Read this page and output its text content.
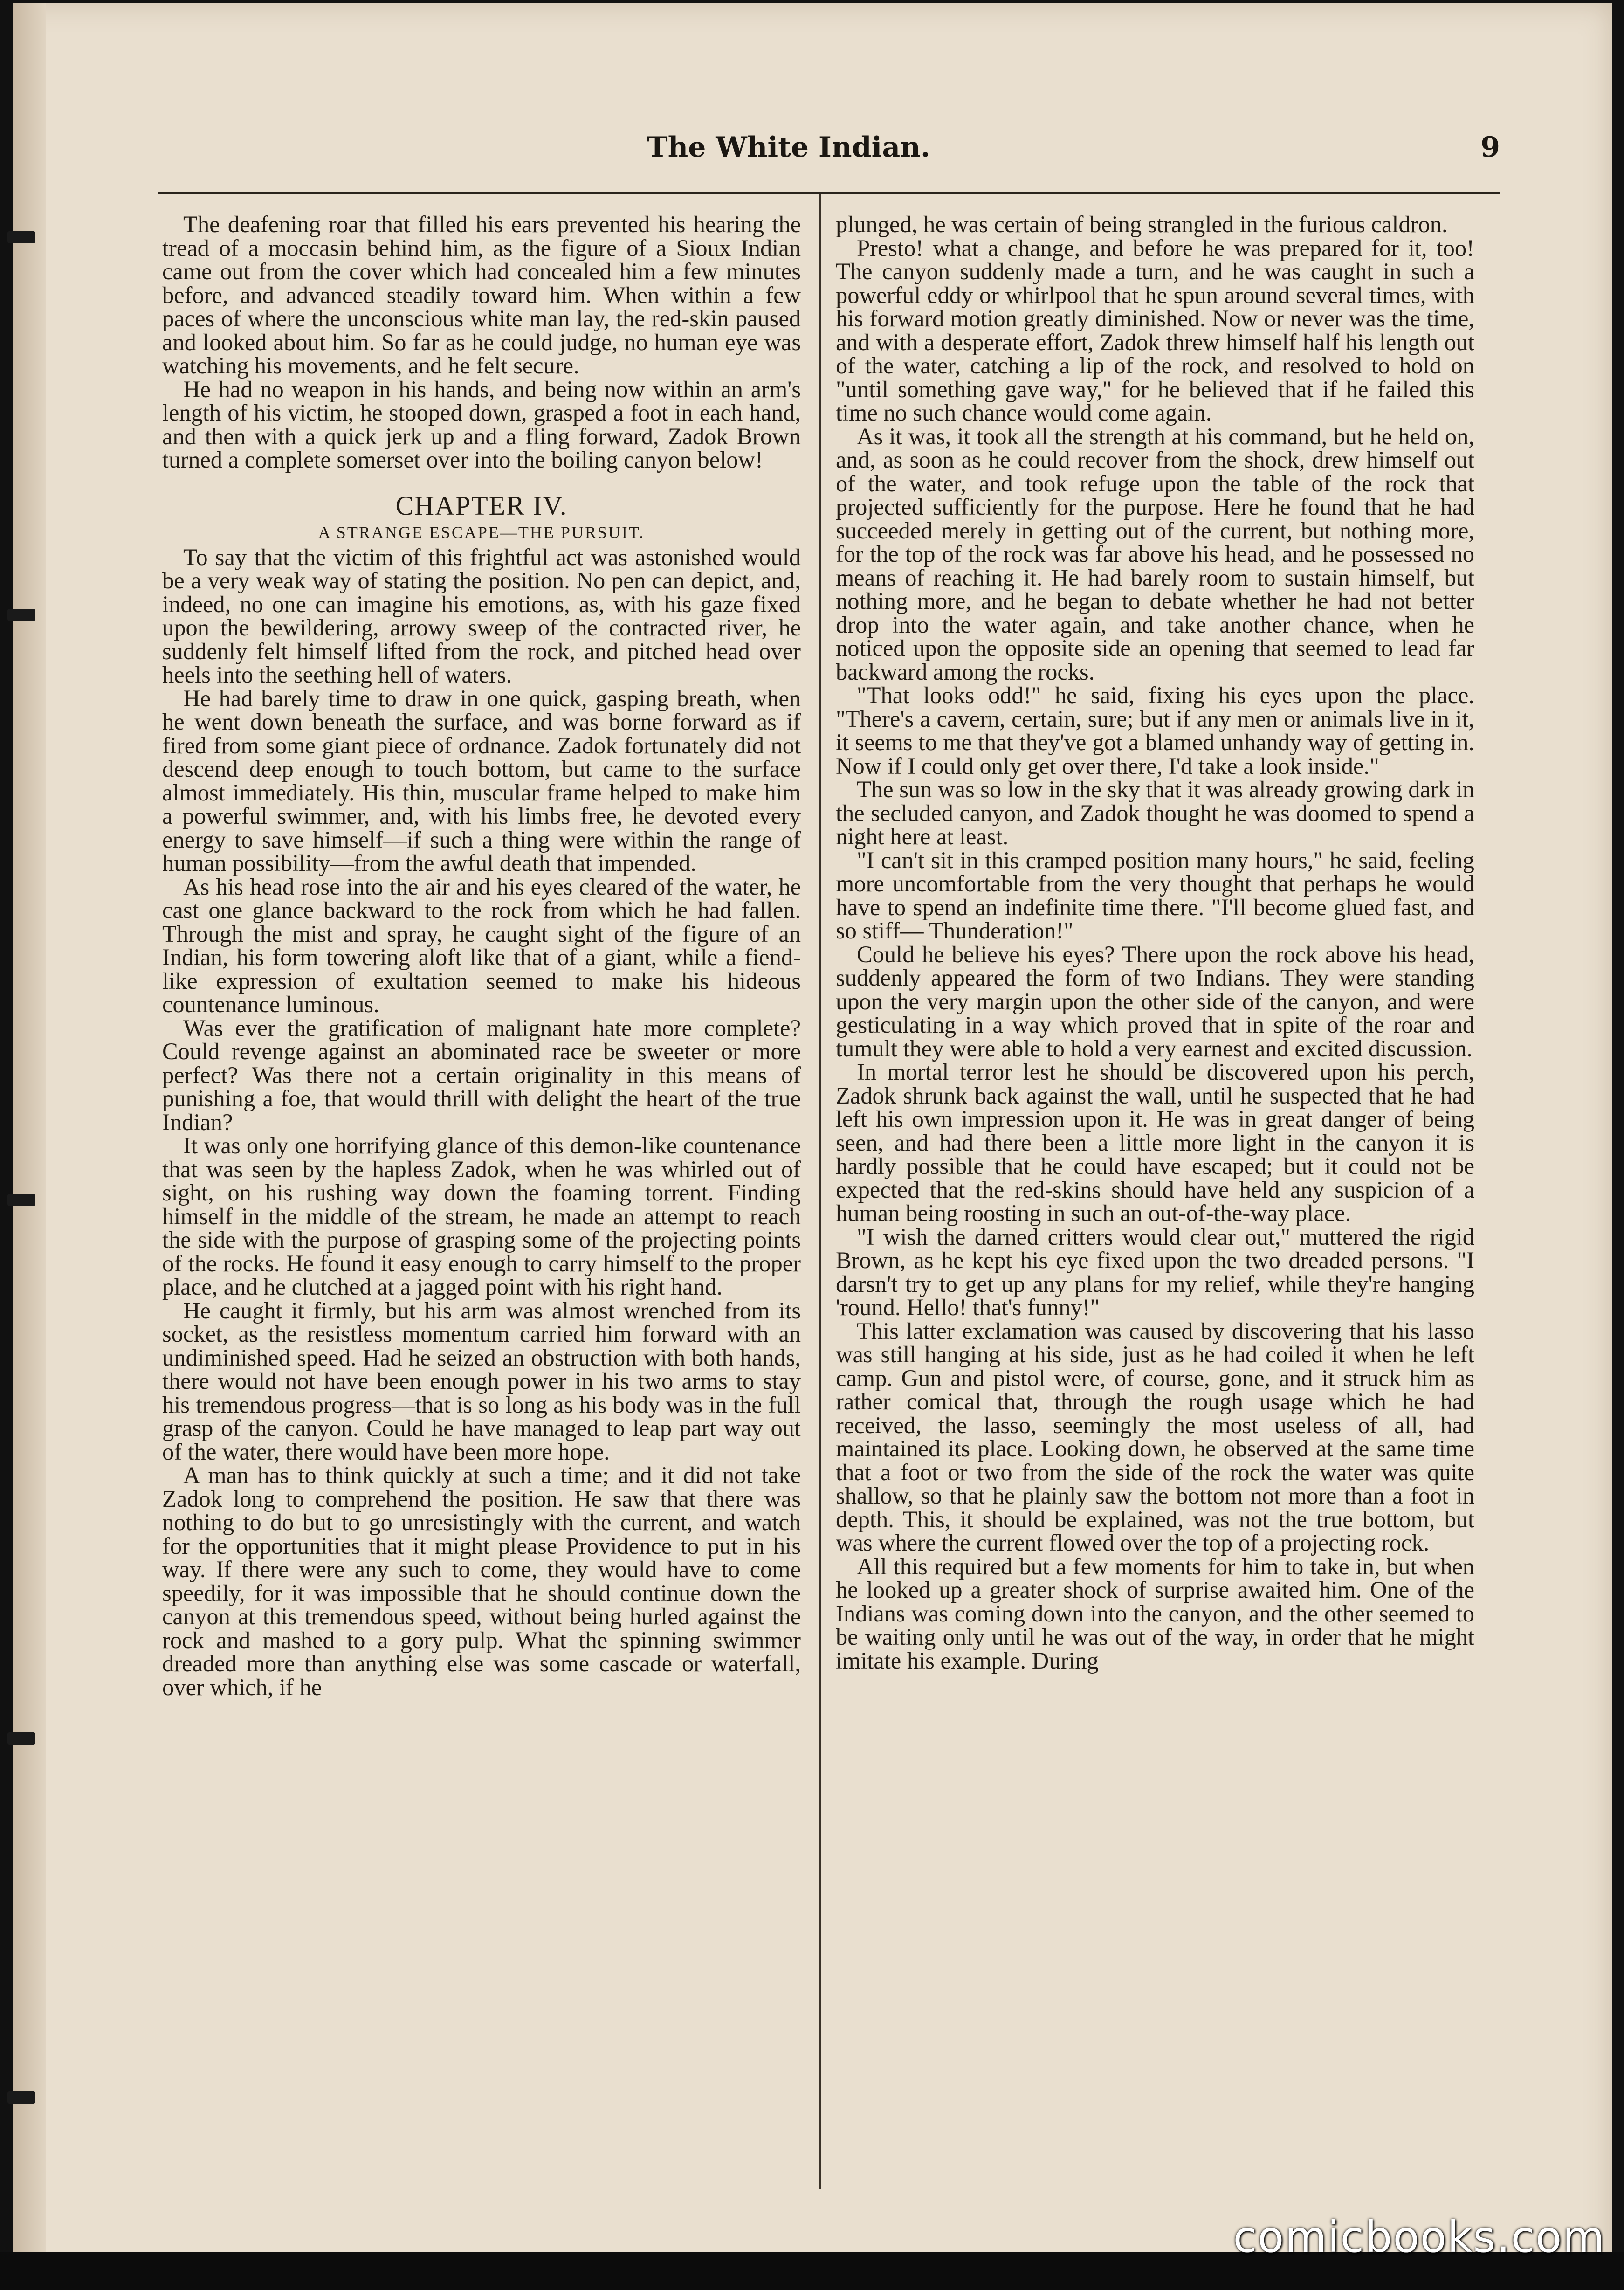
The White Indian.	9

The deafening roar that filled his ears prevented his hearing the tread of a moccasin behind him, as the figure of a Sioux Indian came out from the cover which had concealed him a few minutes before, and advanced steadily toward him. When within a few paces of where the unconscious white man lay, the red-skin paused and looked about him. So far as he could judge, no human eye was watching his movements, and he felt secure.

He had no weapon in his hands, and being now within an arm's length of his victim, he stooped down, grasped a foot in each hand, and then with a quick jerk up and a fling forward, Zadok Brown turned a complete somerset over into the boiling canyon below!

CHAPTER IV.
A STRANGE ESCAPE—THE PURSUIT.

To say that the victim of this frightful act was astonished would be a very weak way of stating the position. No pen can depict, and, indeed, no one can imagine his emotions, as, with his gaze fixed upon the bewildering, arrowy sweep of the contracted river, he suddenly felt himself lifted from the rock, and pitched head over heels into the seething hell of waters.

He had barely time to draw in one quick, gasping breath, when he went down beneath the surface, and was borne forward as if fired from some giant piece of ordnance. Zadok fortunately did not descend deep enough to touch bottom, but came to the surface almost immediately. His thin, muscular frame helped to make him a powerful swimmer, and, with his limbs free, he devoted every energy to save himself—if such a thing were within the range of human possibility—from the awful death that impended.

As his head rose into the air and his eyes cleared of the water, he cast one glance backward to the rock from which he had fallen. Through the mist and spray, he caught sight of the figure of an Indian, his form towering aloft like that of a giant, while a fiend-like expression of exultation seemed to make his hideous countenance luminous.

Was ever the gratification of malignant hate more complete? Could revenge against an abominated race be sweeter or more perfect? Was there not a certain originality in this means of punishing a foe, that would thrill with delight the heart of the true Indian?

It was only one horrifying glance of this demon-like countenance that was seen by the hapless Zadok, when he was whirled out of sight, on his rushing way down the foaming torrent. Finding himself in the middle of the stream, he made an attempt to reach the side with the purpose of grasping some of the projecting points of the rocks. He found it easy enough to carry himself to the proper place, and he clutched at a jagged point with his right hand.

He caught it firmly, but his arm was almost wrenched from its socket, as the resistless momentum carried him forward with an undiminished speed. Had he seized an obstruction with both hands, there would not have been enough power in his two arms to stay his tremendous progress—that is so long as his body was in the full grasp of the canyon. Could he have managed to leap part way out of the water, there would have been more hope.

A man has to think quickly at such a time; and it did not take Zadok long to comprehend the position. He saw that there was nothing to do but to go unresistingly with the current, and watch for the opportunities that it might please Providence to put in his way. If there were any such to come, they would have to come speedily, for it was impossible that he should continue down the canyon at this tremendous speed, without being hurled against the rock and mashed to a gory pulp. What the spinning swimmer dreaded more than anything else was some cascade or waterfall, over which, if he

plunged, he was certain of being strangled in the furious caldron.

Presto! what a change, and before he was prepared for it, too! The canyon suddenly made a turn, and he was caught in such a powerful eddy or whirlpool that he spun around several times, with his forward motion greatly diminished. Now or never was the time, and with a desperate effort, Zadok threw himself half his length out of the water, catching a lip of the rock, and resolved to hold on "until something gave way," for he believed that if he failed this time no such chance would come again.

As it was, it took all the strength at his command, but he held on, and, as soon as he could recover from the shock, drew himself out of the water, and took refuge upon the table of the rock that projected sufficiently for the purpose. Here he found that he had succeeded merely in getting out of the current, but nothing more, for the top of the rock was far above his head, and he possessed no means of reaching it. He had barely room to sustain himself, but nothing more, and he began to debate whether he had not better drop into the water again, and take another chance, when he noticed upon the opposite side an opening that seemed to lead far backward among the rocks.

"That looks odd!" he said, fixing his eyes upon the place. "There's a cavern, certain, sure; but if any men or animals live in it, it seems to me that they've got a blamed unhandy way of getting in. Now if I could only get over there, I'd take a look inside."

The sun was so low in the sky that it was already growing dark in the secluded canyon, and Zadok thought he was doomed to spend a night here at least.

"I can't sit in this cramped position many hours," he said, feeling more uncomfortable from the very thought that perhaps he would have to spend an indefinite time there. "I'll become glued fast, and so stiff— Thunderation!"

Could he believe his eyes? There upon the rock above his head, suddenly appeared the form of two Indians. They were standing upon the very margin upon the other side of the canyon, and were gesticulating in a way which proved that in spite of the roar and tumult they were able to hold a very earnest and excited discussion.

In mortal terror lest he should be discovered upon his perch, Zadok shrunk back against the wall, until he suspected that he had left his own impression upon it. He was in great danger of being seen, and had there been a little more light in the canyon it is hardly possible that he could have escaped; but it could not be expected that the red-skins should have held any suspicion of a human being roosting in such an out-of-the-way place.

"I wish the darned critters would clear out," muttered the rigid Brown, as he kept his eye fixed upon the two dreaded persons. "I darsn't try to get up any plans for my relief, while they're hanging 'round. Hello! that's funny!"

This latter exclamation was caused by discovering that his lasso was still hanging at his side, just as he had coiled it when he left camp. Gun and pistol were, of course, gone, and it struck him as rather comical that, through the rough usage which he had received, the lasso, seemingly the most useless of all, had maintained its place. Looking down, he observed at the same time that a foot or two from the side of the rock the water was quite shallow, so that he plainly saw the bottom not more than a foot in depth. This, it should be explained, was not the true bottom, but was where the current flowed over the top of a projecting rock.

All this required but a few moments for him to take in, but when he looked up a greater shock of surprise awaited him. One of the Indians was coming down into the canyon, and the other seemed to be waiting only until he was out of the way, in order that he might imitate his example. During

comicbooks.com
